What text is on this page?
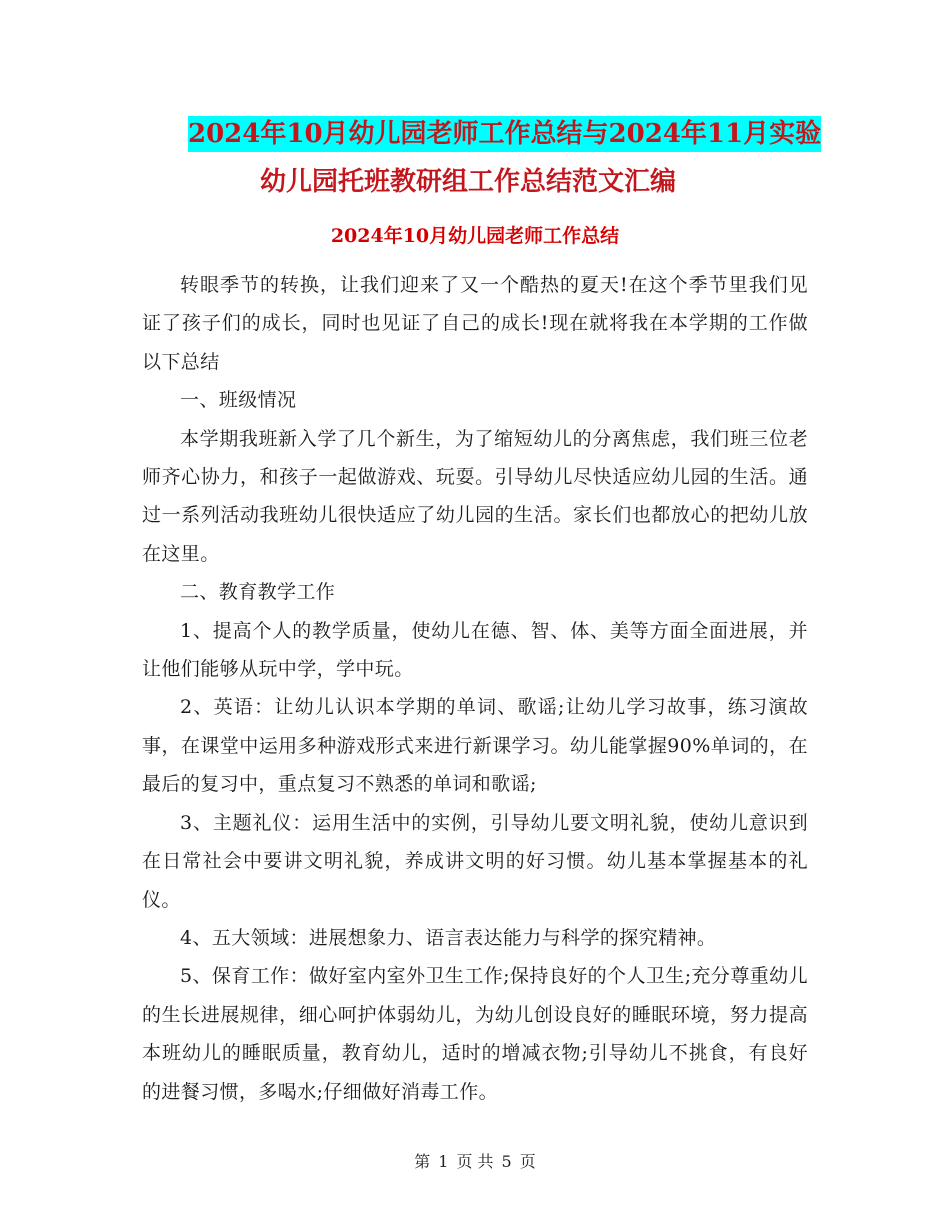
2024年10月幼儿园老师工作总结与2024年11月实验
幼儿园托班教研组工作总结范文汇编
2024年10月幼儿园老师工作总结

转眼季节的转换，让我们迎来了又一个酷热的夏天!在这个季节里我们见证了孩子们的成长，同时也见证了自己的成长!现在就将我在本学期的工作做以下总结

一、班级情况

本学期我班新入学了几个新生，为了缩短幼儿的分离焦虑，我们班三位老师齐心协力，和孩子一起做游戏、玩耍。引导幼儿尽快适应幼儿园的生活。通过一系列活动我班幼儿很快适应了幼儿园的生活。家长们也都放心的把幼儿放在这里。

二、教育教学工作

1、提高个人的教学质量，使幼儿在德、智、体、美等方面全面进展，并让他们能够从玩中学，学中玩。

2、英语：让幼儿认识本学期的单词、歌谣;让幼儿学习故事，练习演故事，在课堂中运用多种游戏形式来进行新课学习。幼儿能掌握90%单词的，在最后的复习中，重点复习不熟悉的单词和歌谣;

3、主题礼仪：运用生活中的实例，引导幼儿要文明礼貌，使幼儿意识到在日常社会中要讲文明礼貌，养成讲文明的好习惯。幼儿基本掌握基本的礼仪。

4、五大领域：进展想象力、语言表达能力与科学的探究精神。

5、保育工作：做好室内室外卫生工作;保持良好的个人卫生;充分尊重幼儿的生长进展规律，细心呵护体弱幼儿，为幼儿创设良好的睡眠环境，努力提高本班幼儿的睡眠质量，教育幼儿，适时的增减衣物;引导幼儿不挑食，有良好的进餐习惯，多喝水;仔细做好消毒工作。

第 1 页 共 5 页
